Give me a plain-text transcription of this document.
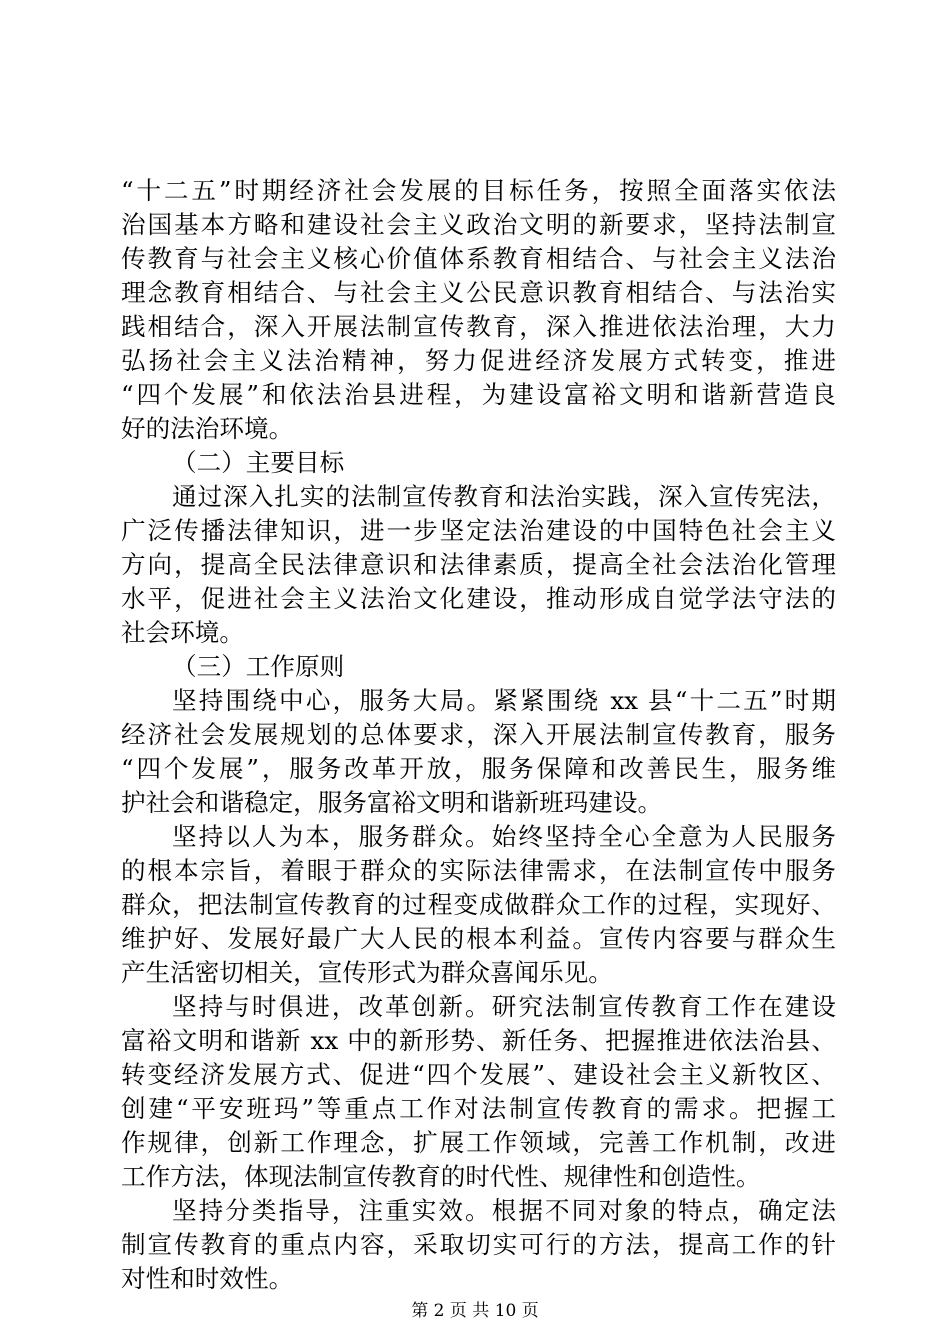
“十二五”时期经济社会发展的目标任务，按照全面落实依法
治国基本方略和建设社会主义政治文明的新要求，坚持法制宣
传教育与社会主义核心价值体系教育相结合、与社会主义法治
理念教育相结合、与社会主义公民意识教育相结合、与法治实
践相结合，深入开展法制宣传教育，深入推进依法治理，大力
弘扬社会主义法治精神，努力促进经济发展方式转变，推进
“四个发展”和依法治县进程，为建设富裕文明和谐新营造良
好的法治环境。
（二）主要目标
通过深入扎实的法制宣传教育和法治实践，深入宣传宪法，
广泛传播法律知识，进一步坚定法治建设的中国特色社会主义
方向，提高全民法律意识和法律素质，提高全社会法治化管理
水平，促进社会主义法治文化建设，推动形成自觉学法守法的
社会环境。
（三）工作原则
坚持围绕中心，服务大局。紧紧围绕 xx 县“十二五”时期
经济社会发展规划的总体要求，深入开展法制宣传教育，服务
“四个发展”，服务改革开放，服务保障和改善民生，服务维
护社会和谐稳定，服务富裕文明和谐新班玛建设。
坚持以人为本，服务群众。始终坚持全心全意为人民服务
的根本宗旨，着眼于群众的实际法律需求，在法制宣传中服务
群众，把法制宣传教育的过程变成做群众工作的过程，实现好、
维护好、发展好最广大人民的根本利益。宣传内容要与群众生
产生活密切相关，宣传形式为群众喜闻乐见。
坚持与时俱进，改革创新。研究法制宣传教育工作在建设
富裕文明和谐新 xx 中的新形势、新任务、把握推进依法治县、
转变经济发展方式、促进“四个发展”、建设社会主义新牧区、
创建“平安班玛”等重点工作对法制宣传教育的需求。把握工
作规律，创新工作理念，扩展工作领域，完善工作机制，改进
工作方法，体现法制宣传教育的时代性、规律性和创造性。
坚持分类指导，注重实效。根据不同对象的特点，确定法
制宣传教育的重点内容，采取切实可行的方法，提高工作的针
对性和时效性。
第 2 页 共 10 页
